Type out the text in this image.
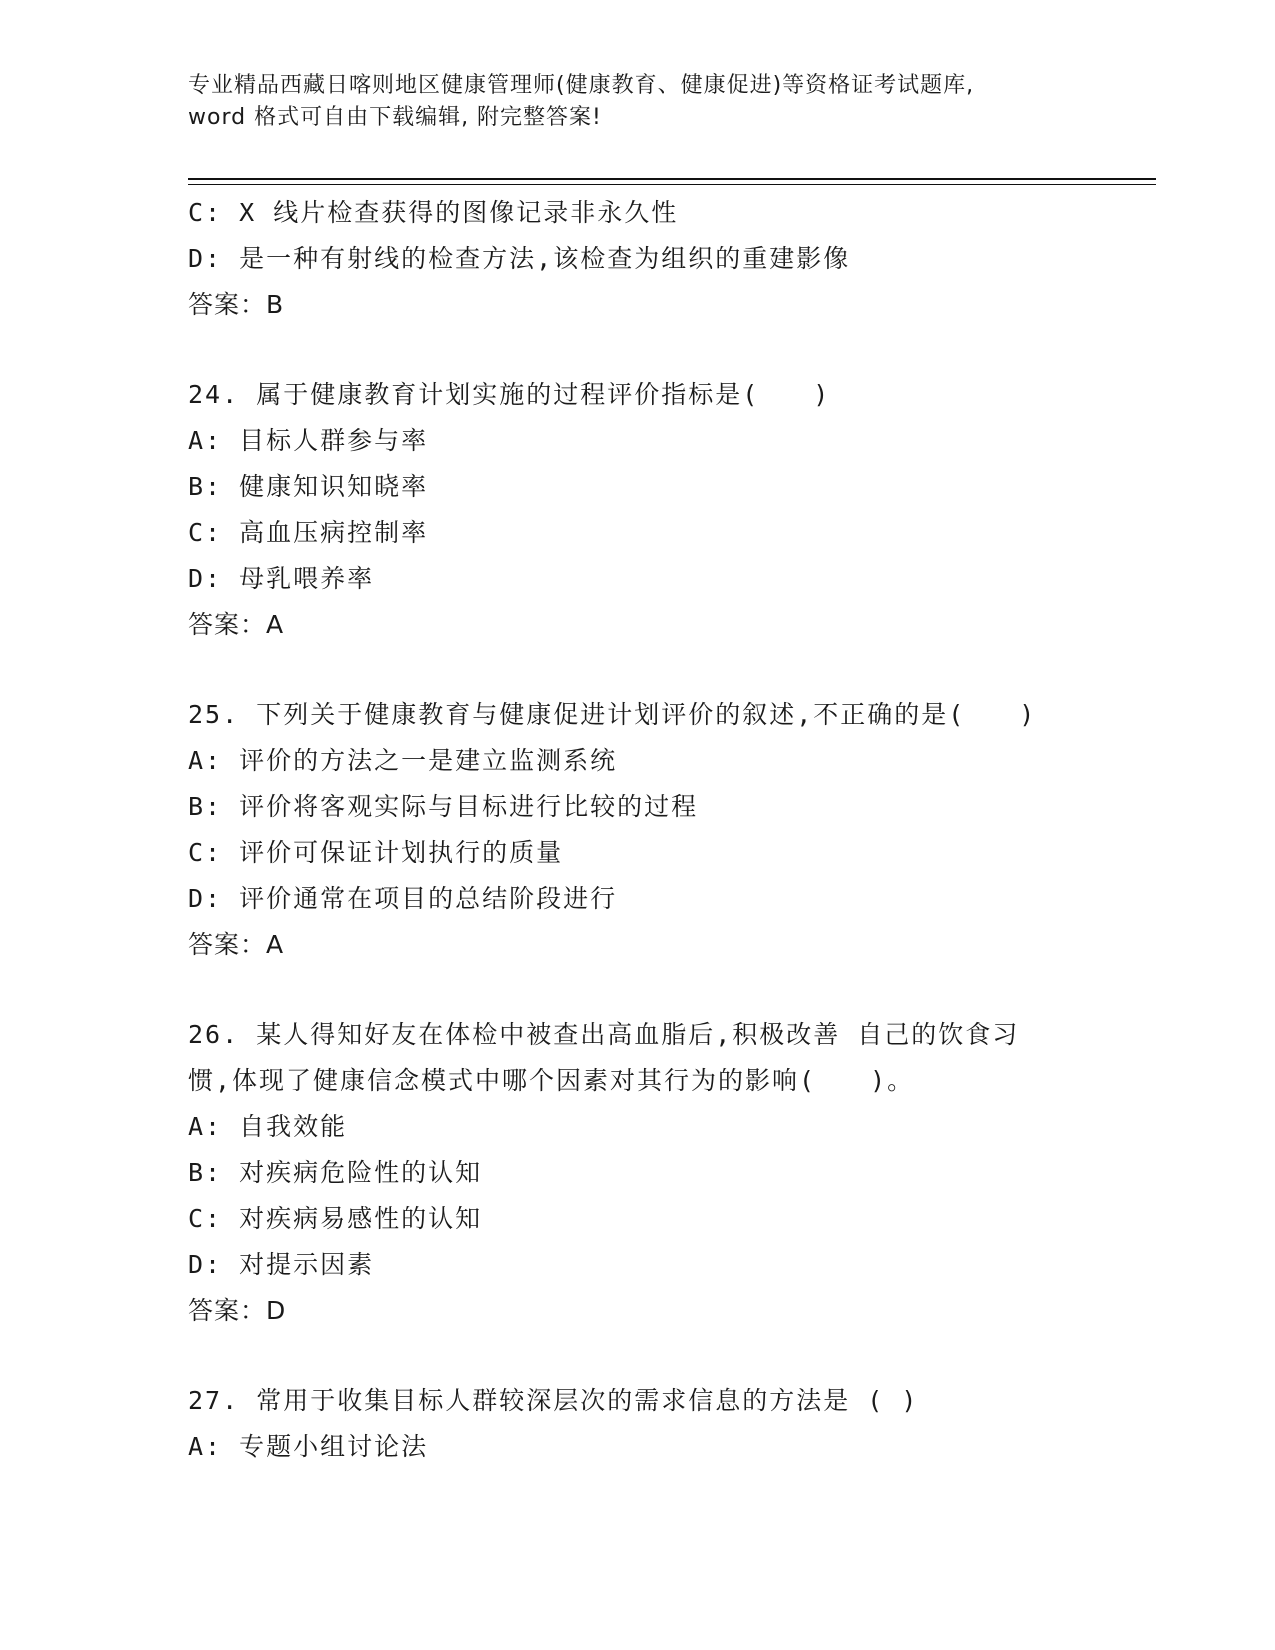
专业精品西藏日喀则地区健康管理师(健康教育、健康促进)等资格证考试题库,
word 格式可自由下载编辑, 附完整答案!
C: X 线片检查获得的图像记录非永久性
D: 是一种有射线的检查方法,该检查为组织的重建影像
答案：B
24. 属于健康教育计划实施的过程评价指标是(　　)
A: 目标人群参与率
B: 健康知识知晓率
C: 高血压病控制率
D: 母乳喂养率
答案：A
25. 下列关于健康教育与健康促进计划评价的叙述,不正确的是(　　)
A: 评价的方法之一是建立监测系统
B: 评价将客观实际与目标进行比较的过程
C: 评价可保证计划执行的质量
D: 评价通常在项目的总结阶段进行
答案：A
26. 某人得知好友在体检中被查出高血脂后,积极改善 自己的饮食习
惯,体现了健康信念模式中哪个因素对其行为的影响(　　)。
A: 自我效能
B: 对疾病危险性的认知
C: 对疾病易感性的认知
D: 对提示因素
答案：D
27. 常用于收集目标人群较深层次的需求信息的方法是 ( )
A: 专题小组讨论法
